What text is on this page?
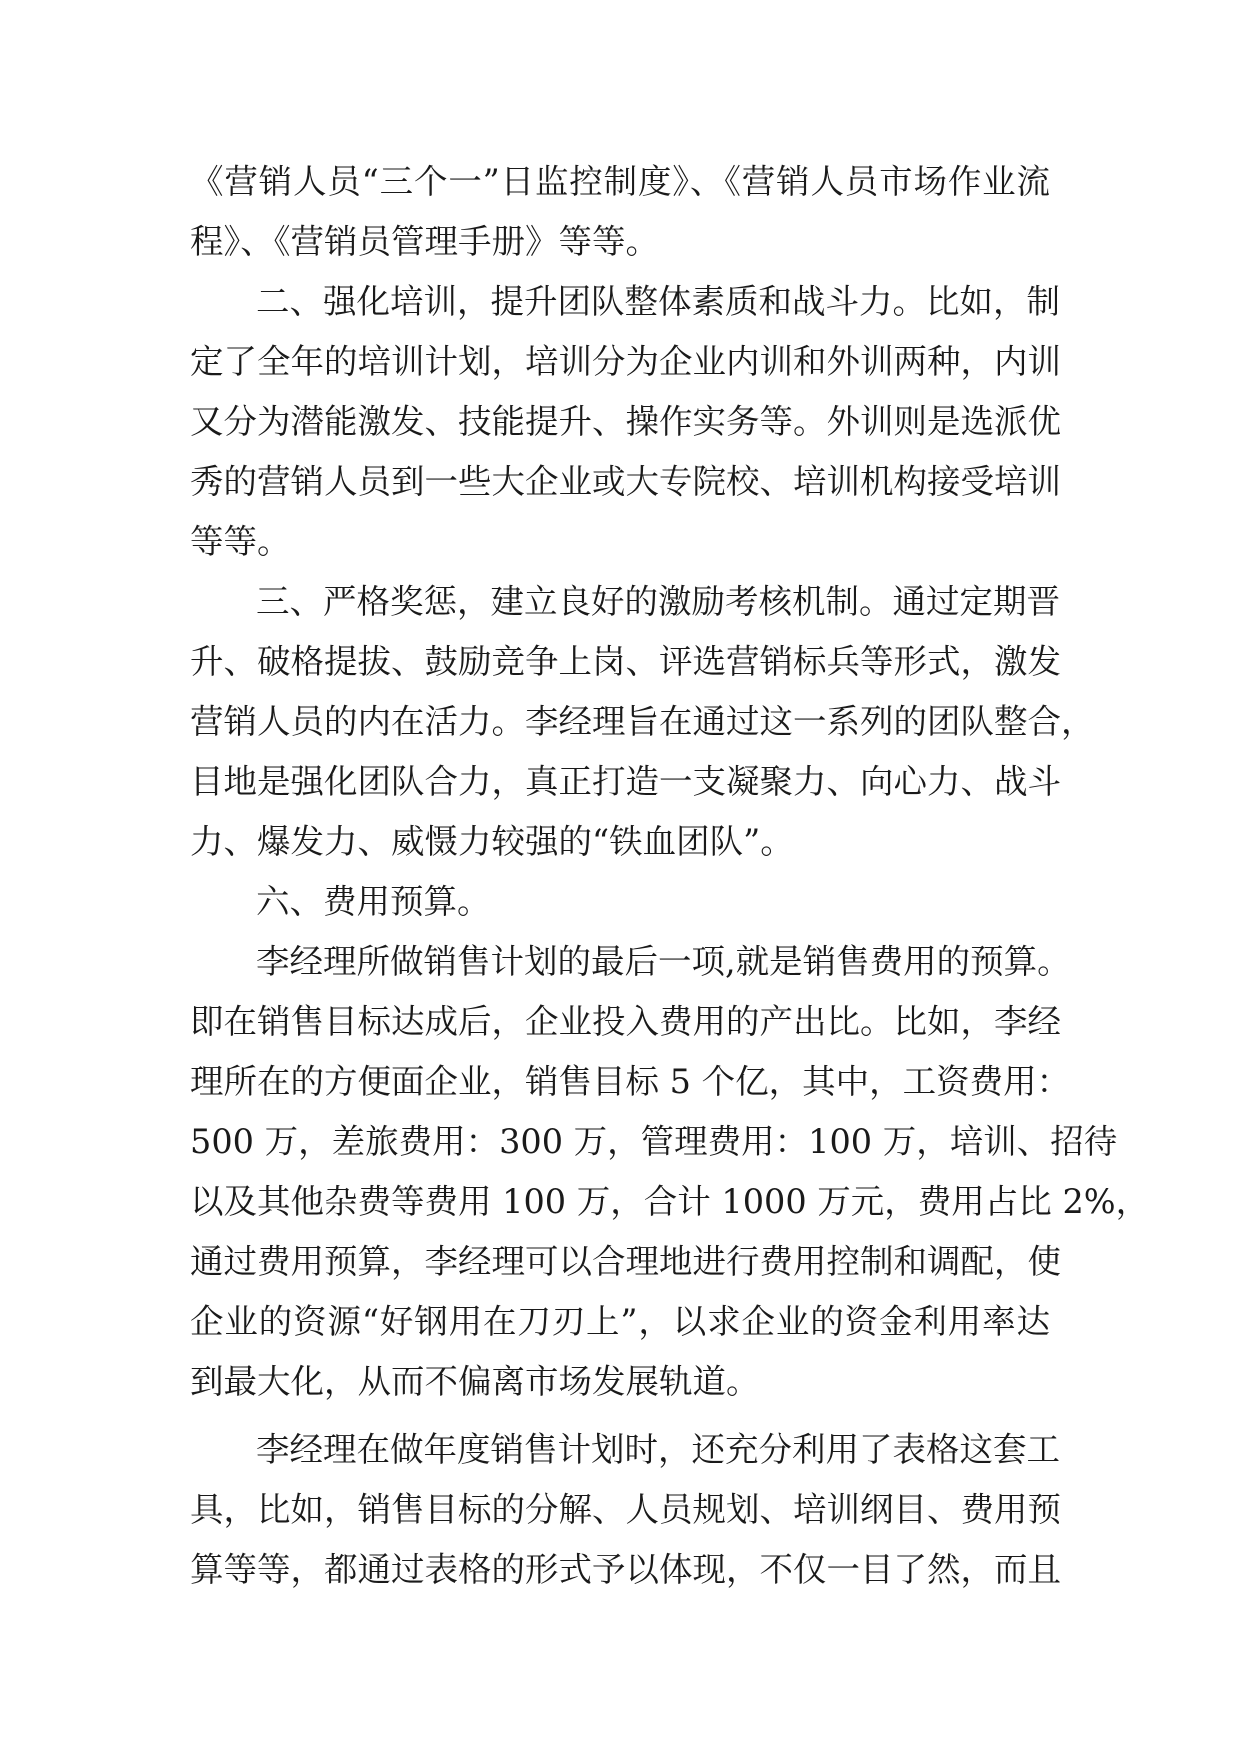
《营销人员“三个一”日监控制度》、《营销人员市场作业流
程》、《营销员管理手册》等等。
二、强化培训，提升团队整体素质和战斗力。比如，制
定了全年的培训计划，培训分为企业内训和外训两种，内训
又分为潜能激发、技能提升、操作实务等。外训则是选派优
秀的营销人员到一些大企业或大专院校、培训机构接受培训
等等。
三、严格奖惩，建立良好的激励考核机制。通过定期晋
升、破格提拔、鼓励竞争上岗、评选营销标兵等形式，激发
营销人员的内在活力。李经理旨在通过这一系列的团队整合，
目地是强化团队合力，真正打造一支凝聚力、向心力、战斗
力、爆发力、威慑力较强的“铁血团队”。
六、费用预算。
李经理所做销售计划的最后一项,就是销售费用的预算。
即在销售目标达成后，企业投入费用的产出比。比如，李经
理所在的方便面企业，销售目标 5 个亿，其中，工资费用：
500 万，差旅费用：300 万，管理费用：100 万，培训、招待
以及其他杂费等费用 100 万，合计 1000 万元，费用占比 2%，
通过费用预算，李经理可以合理地进行费用控制和调配，使
企业的资源“好钢用在刀刃上”，以求企业的资金利用率达
到最大化，从而不偏离市场发展轨道。
李经理在做年度销售计划时，还充分利用了表格这套工
具，比如，销售目标的分解、人员规划、培训纲目、费用预
算等等，都通过表格的形式予以体现，不仅一目了然，而且
